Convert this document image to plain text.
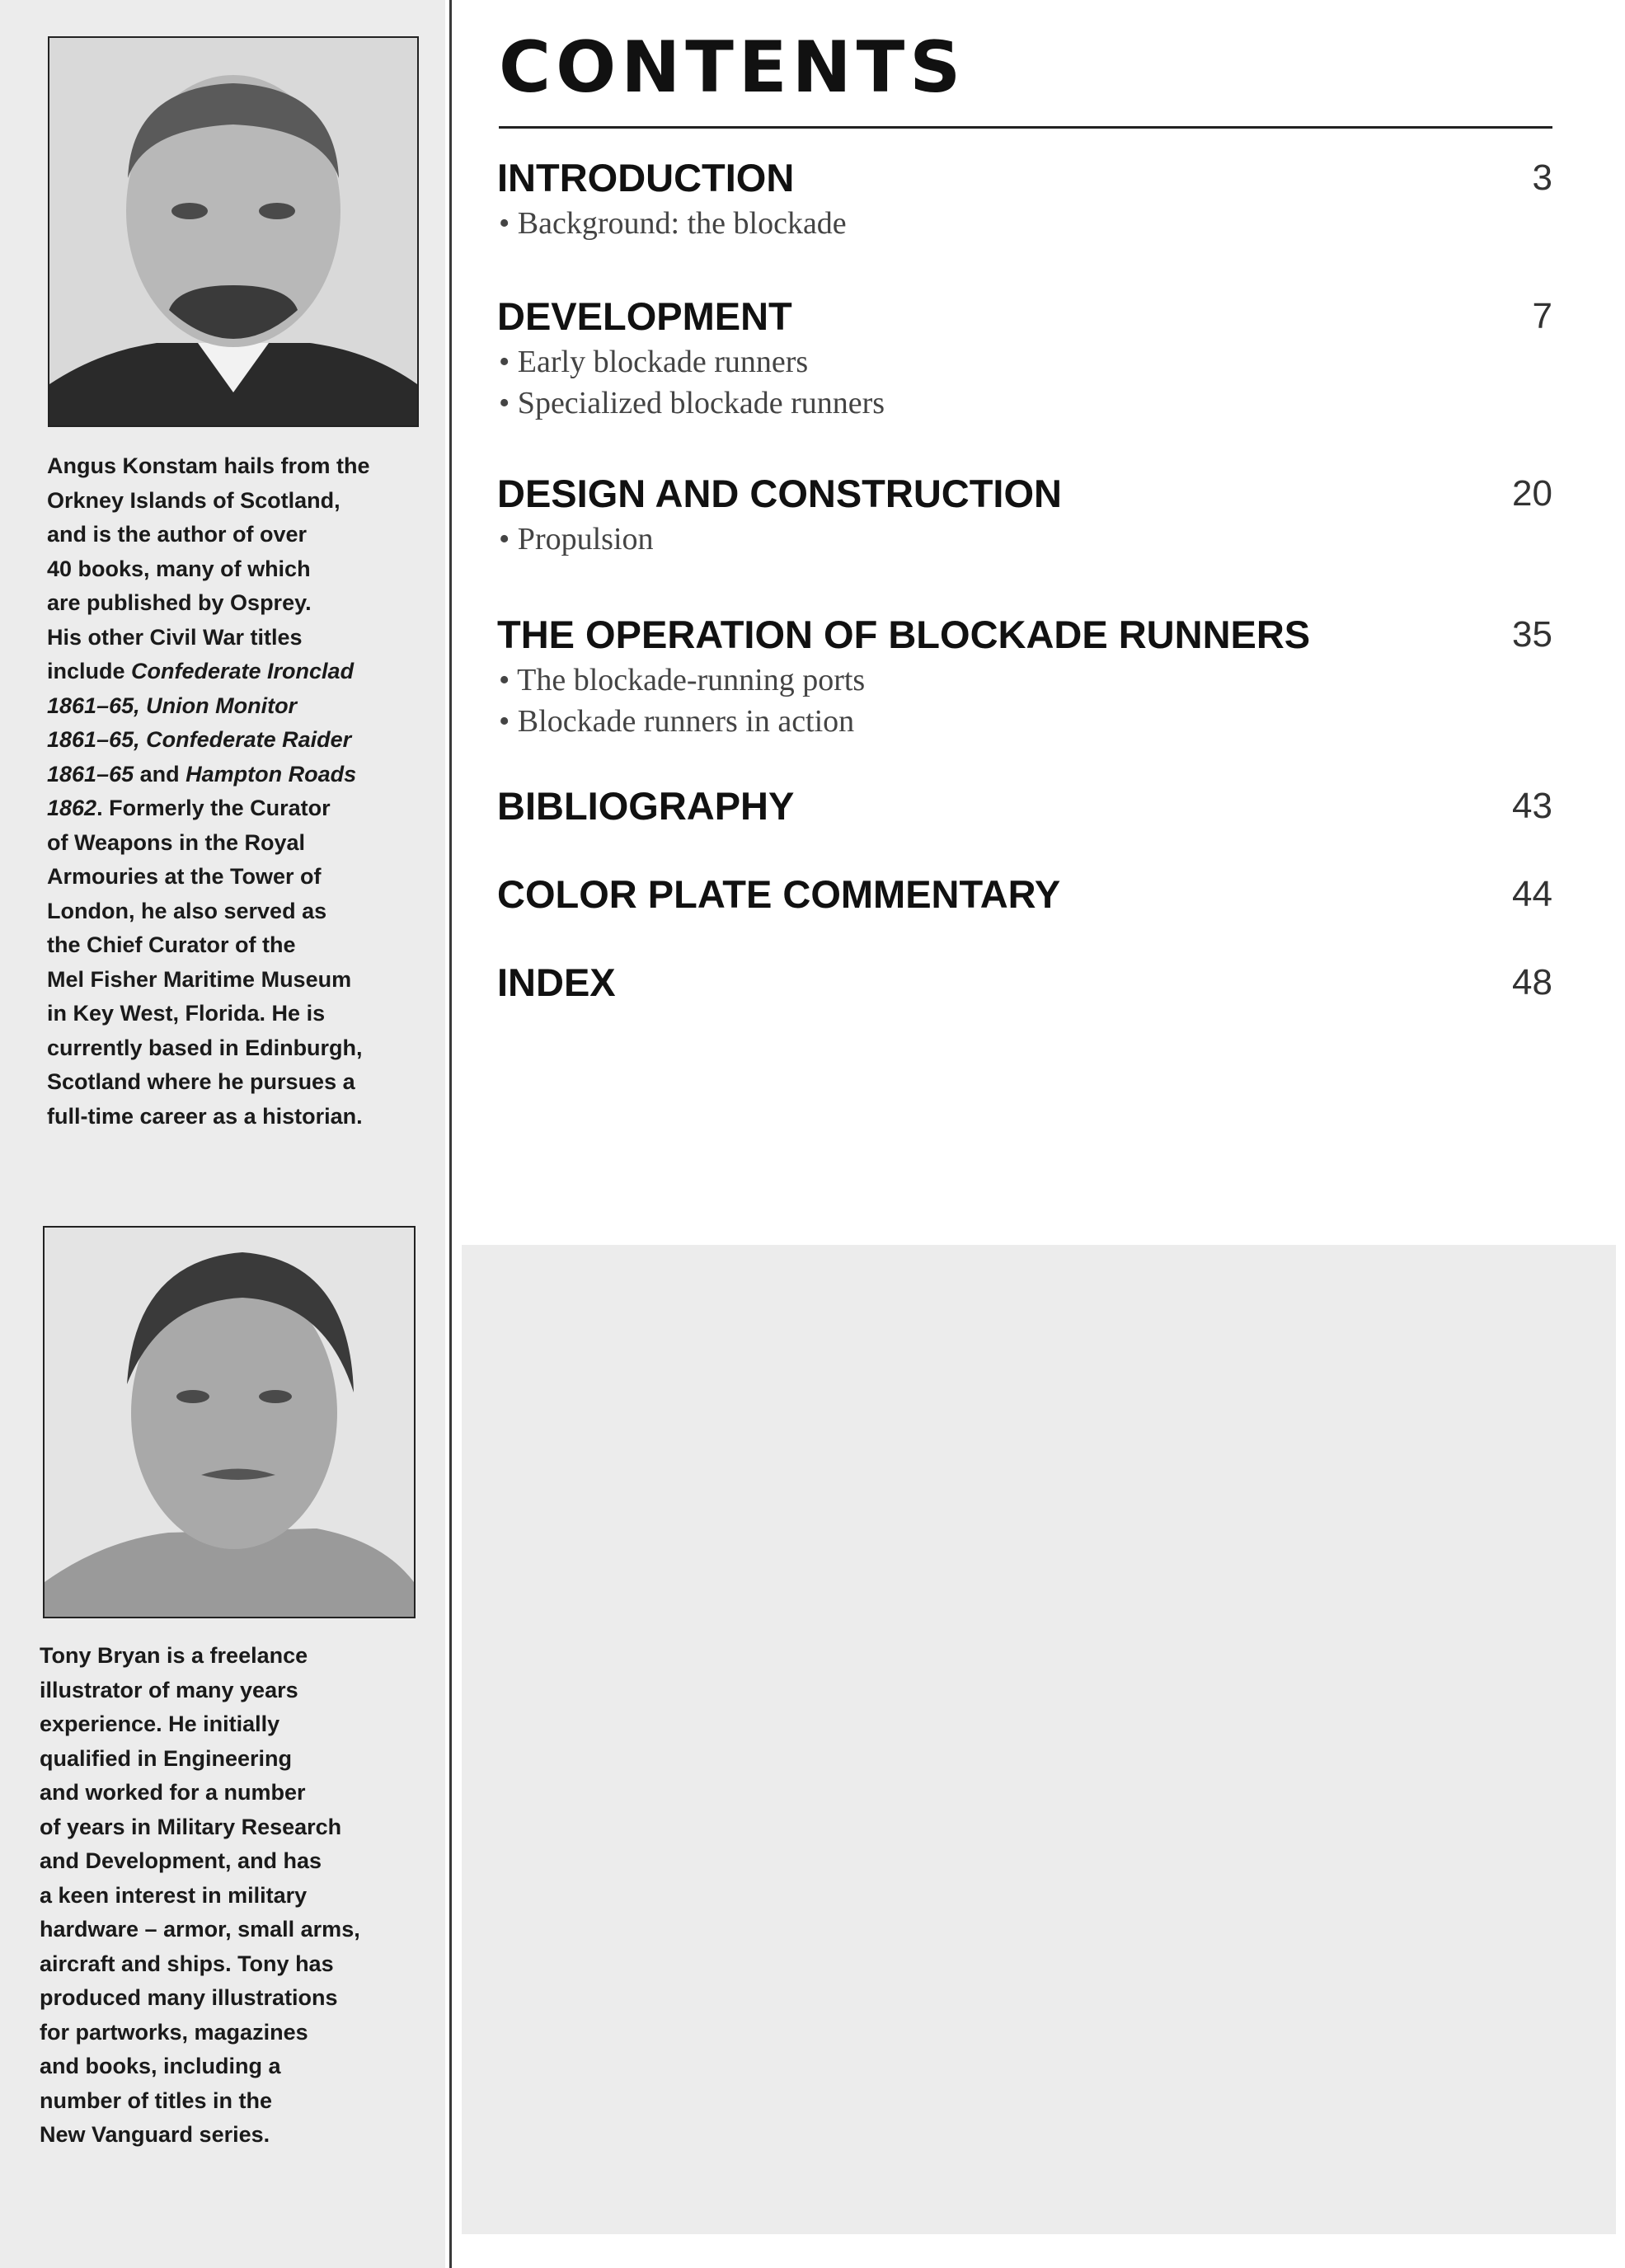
Angus Konstam hails from the
Orkney Islands of Scotland,
and is the author of over
40 books, many of which
are published by Osprey.
His other Civil War titles
include Confederate Ironclad
1861–65, Union Monitor
1861–65, Confederate Raider
1861–65 and Hampton Roads
1862. Formerly the Curator
of Weapons in the Royal
Armouries at the Tower of
London, he also served as
the Chief Curator of the
Mel Fisher Maritime Museum
in Key West, Florida. He is
currently based in Edinburgh,
Scotland where he pursues a
full-time career as a historian.
Tony Bryan is a freelance
illustrator of many years
experience. He initially
qualified in Engineering
and worked for a number
of years in Military Research
and Development, and has
a keen interest in military
hardware – armor, small arms,
aircraft and ships. Tony has
produced many illustrations
for partworks, magazines
and books, including a
number of titles in the
New Vanguard series.
CONTENTS
INTRODUCTION	3
• Background: the blockade
DEVELOPMENT	7
• Early blockade runners
• Specialized blockade runners
DESIGN AND CONSTRUCTION	20
• Propulsion
THE OPERATION OF BLOCKADE RUNNERS	35
• The blockade-running ports
• Blockade runners in action
BIBLIOGRAPHY	43
COLOR PLATE COMMENTARY	44
INDEX	48
